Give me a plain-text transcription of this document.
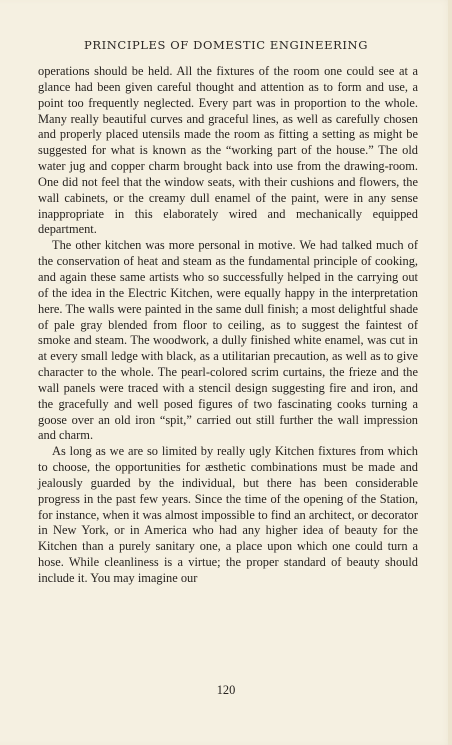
PRINCIPLES OF DOMESTIC ENGINEERING

operations should be held. All the fixtures of the room one could see at a glance had been given careful thought and attention as to form and use, a point too frequently neglected. Every part was in proportion to the whole. Many really beautiful curves and graceful lines, as well as carefully chosen and properly placed utensils made the room as fitting a setting as might be suggested for what is known as the “working part of the house.” The old water jug and copper charm brought back into use from the drawing-room. One did not feel that the window seats, with their cushions and flowers, the wall cabinets, or the creamy dull enamel of the paint, were in any sense inappropriate in this elaborately wired and mechanically equipped department.

The other kitchen was more personal in motive. We had talked much of the conservation of heat and steam as the fundamental principle of cooking, and again these same artists who so successfully helped in the carrying out of the idea in the Electric Kitchen, were equally happy in the interpretation here. The walls were painted in the same dull finish; a most delightful shade of pale gray blended from floor to ceiling, as to suggest the faintest of smoke and steam. The woodwork, a dully finished white enamel, was cut in at every small ledge with black, as a utilitarian precaution, as well as to give character to the whole. The pearl-colored scrim curtains, the frieze and the wall panels were traced with a stencil design suggesting fire and iron, and the gracefully and well posed figures of two fascinating cooks turning a goose over an old iron “spit,” carried out still further the wall impression and charm.

As long as we are so limited by really ugly Kitchen fixtures from which to choose, the opportunities for æsthetic combinations must be made and jealously guarded by the individual, but there has been considerable progress in the past few years. Since the time of the opening of the Station, for instance, when it was almost impossible to find an architect, or decorator in New York, or in America who had any higher idea of beauty for the Kitchen than a purely sanitary one, a place upon which one could turn a hose. While cleanliness is a virtue; the proper standard of beauty should include it. You may imagine our

120
